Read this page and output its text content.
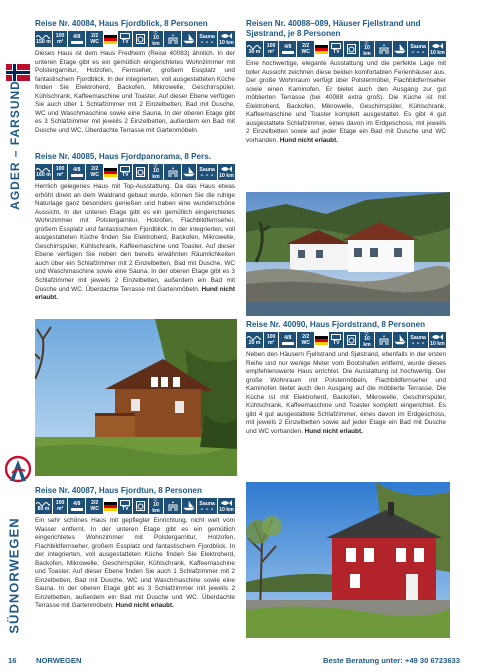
AGDER – FARSUND
SÜDNORWEGEN
Reise Nr. 40084, Haus Fjordblick, 8 Personen
150 m
100
m²
4/8 2/2
WC	TV
10 km
Sauna
10 km

Dieses Haus ist dem Haus Fredheim (Reise 40083) ähnlich. In der unteren Etage gibt es ein gemütlich eingerichtetes Wohnzimmer mit Polstergarnitur, Holzofen, Fernseher, großem Essplatz und fantastischem Fjordblick. In der integrierten, voll ausgestatteten Küche finden Sie Elektroherd, Backofen, Mikrowelle, Geschirrspüler, Kühlschrank, Kaffeemaschine und Toaster. Auf dieser Ebene verfügen Sie auch über 1 Schlafzimmer mit 2 Einzelbetten, Bad mit Dusche, WC und Waschmaschine sowie eine Sauna. In der oberen Etage gibt es 3 Schlafzimmer mit jeweils 2 Einzelbetten, außerdem ein Bad mit Dusche und WC. Überdachte Terrasse mit Gartenmöbeln.

Reise Nr. 40085, Haus Fjordpanorama, 8 Pers.
160 m
100
m²
4/8 2/2
WC	TV
10 km
Sauna
10 km

Herrlich gelegenes Haus mit Top-Ausstattung. Da das Haus etwas erhöht direkt an dem Waldrand gebaut wurde, können Sie die ruhige Naturlage ganz besonders genießen und haben eine wunderschöne Aussicht. In der unteren Etage gibt es ein gemütlich eingerichtetes Wohnzimmer mit Polstergarnitur, Holzofen, Flachbildfernseher, großem Essplatz und fantastischem Fjordblick. In der integrierten, voll ausgestatteten Küche finden Sie Elektroherd, Backofen, Mikrowelle, Geschirrspüler, Kühlschrank, Kaffeemaschine und Toaster. Auf dieser Ebene verfügen Sie neben den bereits erwähnten Räumlichkeiten auch über ein Schlafzimmer mit 2 Einzelbetten, Bad mit Dusche, WC und Waschmaschine sowie eine Sauna. In der oberen Etage gibt es 3 Schlafzimmer mit jeweils 2 Einzelbetten, außerdem ein Bad mit Dusche und WC. Überdachte Terrasse mit Gartenmöbeln. Hund nicht erlaubt.

Reise Nr. 40087, Haus Fjordtun, 8 Personen
80 m
100
m²
4/8 2/2
WC	TV
10 km
Sauna
10 km

Ein sehr schönes Haus mit gepflegter Einrichtung, nicht weit vom Wasser entfernt. In der unteren Etage gibt es ein gemütlich eingerichtetes Wohnzimmer mit Polstergarnitur, Holzofen, Flachbildfernseher, großem Essplatz und fantastischem Fjordblick. In der integrierten, voll ausgestatteten Küche finden Sie Elektroherd, Backofen, Mikrowelle, Geschirrspüler, Kühlschrank, Kaffeemaschine und Toaster. Auf dieser Ebene finden Sie auch 1 Schlafzimmer mit 2 Einzelbetten, Bad mit Dusche, WC und Waschmaschine sowie eine Sauna. In der oberen Etage gibt es 3 Schlafzimmer mit jeweils 2 Einzelbetten, außerdem ein Bad mit Dusche und WC. Überdachte Terrasse mit Gartenmöbeln. Hund nicht erlaubt.

Reisen Nr. 40088–089, Häuser Fjellstrand und Sjøstrand, je 8 Personen
30 m
100
m²
4/8 2/2
WC	TV
10 km
Sauna
10 km

Eine hochwertige, elegante Ausstattung und die perfekte Lage mit toller Aussicht zeichnen diese beiden komfortablen Ferienhäuser aus. Der große Wohnraum verfügt über Polstermöbel, Flachbildfernseher sowie einen Kaminofen. Er bietet auch den Ausgang zur gut möblierten Terrasse (bei 40088 extra groß). Die Küche ist mit Elektroherd, Backofen, Mikrowelle, Geschirrspüler, Kühlschrank, Kaffeemaschine und Toaster komplett ausgestattet. Es gibt 4 gut ausgestattete Schlafzimmer, eines davon im Erdgeschoss, mit jeweils 2 Einzelbetten sowie auf jeder Etage ein Bad mit Dusche und WC vorhanden. Hund nicht erlaubt.

Reise Nr. 40090, Haus Fjordstrand, 8 Personen
20 m
100
m²
4/8 2/2
WC	TV
10 km
Sauna
10 km

Neben den Häusern Fjellstrand und Sjøstrand, ebenfalls in der ersten Reihe und nur wenige Meter vom Bootshafen entfernt, wurde dieses empfehlenswerte Haus errichtet. Die Ausstattung ist hochwertig. Der große Wohnraum mit Polstermöbeln, Flachbildfernseher und Kaminofen bietet auch den Ausgang auf die möblierte Terrasse. Die Küche ist mit Elektroherd, Backofen, Mikrowelle, Geschirrspüler, Kühlschrank, Kaffeemaschine und Toaster komplett eingerichtet. Es gibt 4 gut ausgestattete Schlafzimmer, eines davon im Erdgeschoss, mit jeweils 2 Einzelbetten sowie auf jeder Etage ein Bad mit Dusche und WC vorhanden. Hund nicht erlaubt.

16	NORWEGEN	Beste Beratung unter: +49 30 6723633
